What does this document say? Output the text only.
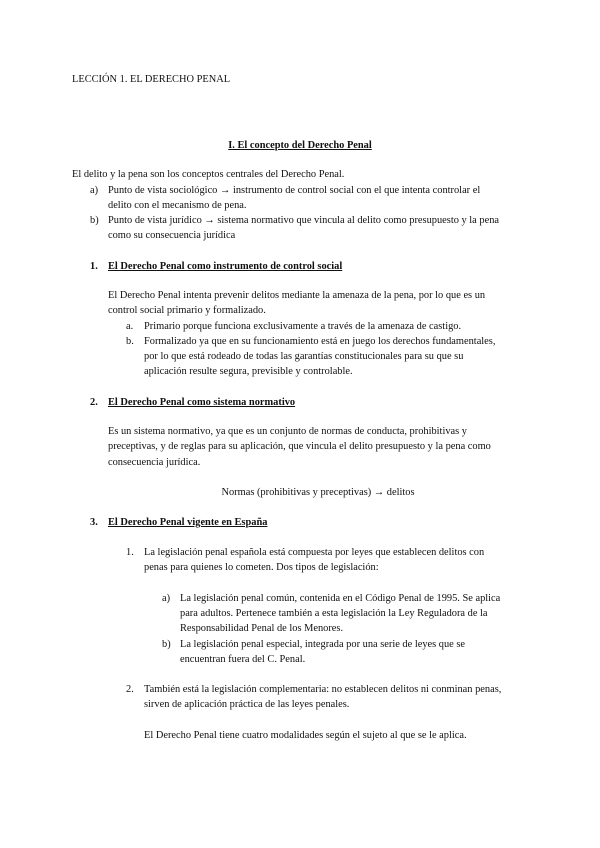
LECCIÓN 1. EL DERECHO PENAL
I. El concepto del Derecho Penal
El delito y la pena son los conceptos centrales del Derecho Penal.
a) Punto de vista sociológico → instrumento de control social con el que intenta controlar el
delito con el mecanismo de pena.
b) Punto de vista jurídico → sistema normativo que vincula al delito como presupuesto y la pena
como su consecuencia jurídica
1. El Derecho Penal como instrumento de control social
El Derecho Penal intenta prevenir delitos mediante la amenaza de la pena, por lo que es un
control social primario y formalizado.
a. Primario porque funciona exclusivamente a través de la amenaza de castigo.
b. Formalizado ya que en su funcionamiento está en juego los derechos fundamentales,
por lo que está rodeado de todas las garantías constitucionales para su que su
aplicación resulte segura, previsible y controlable.
2. El Derecho Penal como sistema normativo
Es un sistema normativo, ya que es un conjunto de normas de conducta, prohibitivas y
preceptivas, y de reglas para su aplicación, que vincula el delito presupuesto y la pena como
consecuencia jurídica.
Normas (prohibitivas y preceptivas) → delitos
3. El Derecho Penal vigente en España
1. La legislación penal española está compuesta por leyes que establecen delitos con
penas para quienes lo cometen. Dos tipos de legislación:
a) La legislación penal común, contenida en el Código Penal de 1995. Se aplica
para adultos. Pertenece también a esta legislación la Ley Reguladora de la
Responsabilidad Penal de los Menores.
b) La legislación penal especial, integrada por una serie de leyes que se
encuentran fuera del C. Penal.
2. También está la legislación complementaria: no establecen delitos ni conminan penas,
sirven de aplicación práctica de las leyes penales.
El Derecho Penal tiene cuatro modalidades según el sujeto al que se le aplica.
